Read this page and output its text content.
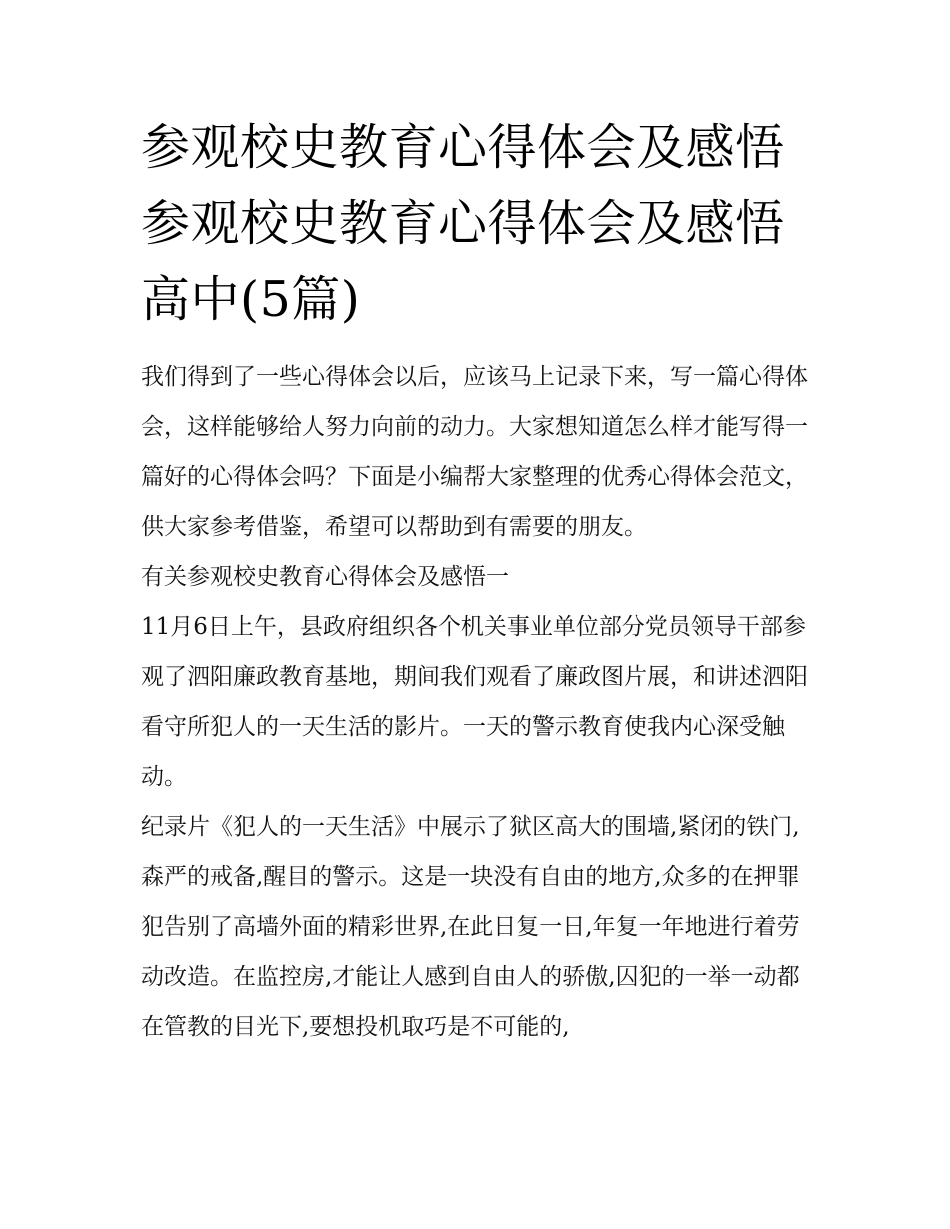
参观校史教育心得体会及感悟参观校史教育心得体会及感悟高中(5篇)

我们得到了一些心得体会以后，应该马上记录下来，写一篇心得体会，这样能够给人努力向前的动力。大家想知道怎么样才能写得一篇好的心得体会吗？下面是小编帮大家整理的优秀心得体会范文，供大家参考借鉴，希望可以帮助到有需要的朋友。

有关参观校史教育心得体会及感悟一

11月6日上午，县政府组织各个机关事业单位部分党员领导干部参观了泗阳廉政教育基地，期间我们观看了廉政图片展，和讲述泗阳看守所犯人的一天生活的影片。一天的警示教育使我内心深受触动。

纪录片《犯人的一天生活》中展示了狱区高大的围墙,紧闭的铁门,森严的戒备,醒目的警示。这是一块没有自由的地方,众多的在押罪犯告别了高墙外面的精彩世界,在此日复一日,年复一年地进行着劳动改造。在监控房,才能让人感到自由人的骄傲,囚犯的一举一动都在管教的目光下,要想投机取巧是不可能的,
